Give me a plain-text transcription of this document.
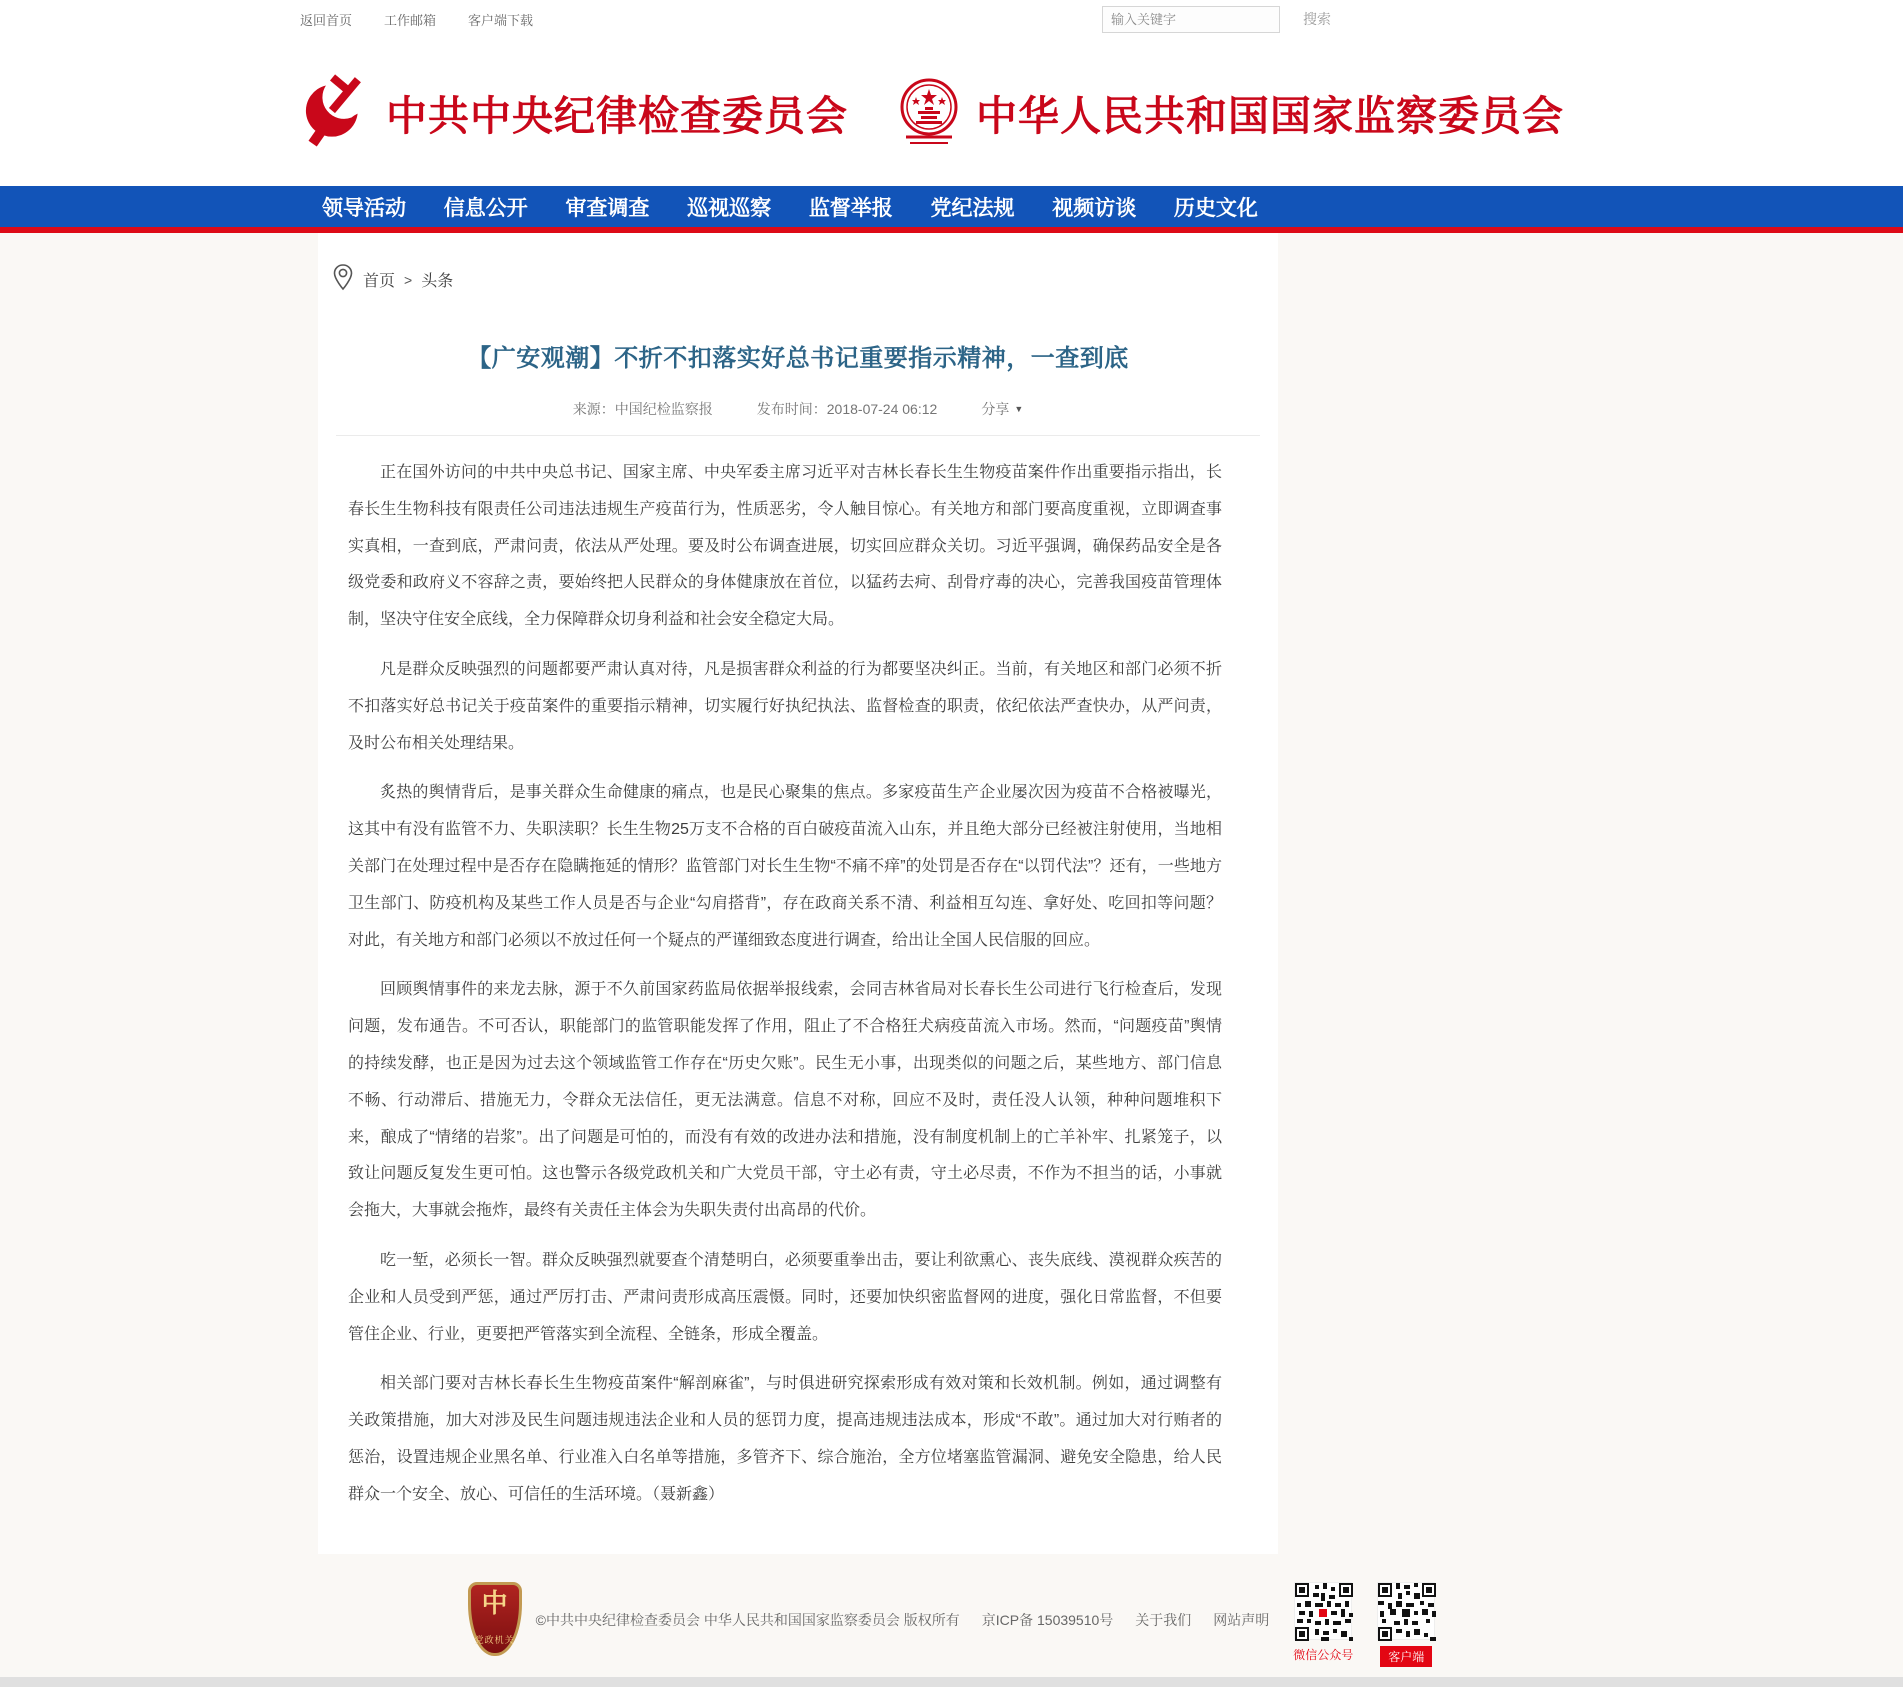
返回首页 工作邮箱 客户端下载
输入关键字	搜索
中共中央纪律检查委员会	中华人民共和国国家监察委员会
领导活动 信息公开 审查调查 巡视巡察 监督举报 党纪法规 视频访谈 历史文化
首页 > 头条
【广安观潮】不折不扣落实好总书记重要指示精神，一查到底
来源：中国纪检监察报	发布时间：2018-07-24 06:12	分享 ▼

正在国外访问的中共中央总书记、国家主席、中央军委主席习近平对吉林长春长生生物疫苗案件作出重要指示指出，长春长生生物科技有限责任公司违法违规生产疫苗行为，性质恶劣，令人触目惊心。有关地方和部门要高度重视，立即调查事实真相，一查到底，严肃问责，依法从严处理。要及时公布调查进展，切实回应群众关切。习近平强调，确保药品安全是各级党委和政府义不容辞之责，要始终把人民群众的身体健康放在首位，以猛药去疴、刮骨疗毒的决心，完善我国疫苗管理体制，坚决守住安全底线，全力保障群众切身利益和社会安全稳定大局。

凡是群众反映强烈的问题都要严肃认真对待，凡是损害群众利益的行为都要坚决纠正。当前，有关地区和部门必须不折不扣落实好总书记关于疫苗案件的重要指示精神，切实履行好执纪执法、监督检查的职责，依纪依法严查快办，从严问责，及时公布相关处理结果。

炙热的舆情背后，是事关群众生命健康的痛点，也是民心聚集的焦点。多家疫苗生产企业屡次因为疫苗不合格被曝光，这其中有没有监管不力、失职渎职？长生生物25万支不合格的百白破疫苗流入山东，并且绝大部分已经被注射使用，当地相关部门在处理过程中是否存在隐瞒拖延的情形？监管部门对长生生物“不痛不痒”的处罚是否存在“以罚代法”？还有，一些地方卫生部门、防疫机构及某些工作人员是否与企业“勾肩搭背”，存在政商关系不清、利益相互勾连、拿好处、吃回扣等问题？对此，有关地方和部门必须以不放过任何一个疑点的严谨细致态度进行调查，给出让全国人民信服的回应。

回顾舆情事件的来龙去脉，源于不久前国家药监局依据举报线索，会同吉林省局对长春长生公司进行飞行检查后，发现问题，发布通告。不可否认，职能部门的监管职能发挥了作用，阻止了不合格狂犬病疫苗流入市场。然而，“问题疫苗”舆情的持续发酵，也正是因为过去这个领域监管工作存在“历史欠账”。民生无小事，出现类似的问题之后，某些地方、部门信息不畅、行动滞后、措施无力，令群众无法信任，更无法满意。信息不对称，回应不及时，责任没人认领，种种问题堆积下来，酿成了“情绪的岩浆”。出了问题是可怕的，而没有有效的改进办法和措施，没有制度机制上的亡羊补牢、扎紧笼子，以致让问题反复发生更可怕。这也警示各级党政机关和广大党员干部，守土必有责，守土必尽责，不作为不担当的话，小事就会拖大，大事就会拖炸，最终有关责任主体会为失职失责付出高昂的代价。

吃一堑，必须长一智。群众反映强烈就要查个清楚明白，必须要重拳出击，要让利欲熏心、丧失底线、漠视群众疾苦的企业和人员受到严惩，通过严厉打击、严肃问责形成高压震慑。同时，还要加快织密监督网的进度，强化日常监督，不但要管住企业、行业，更要把严管落实到全流程、全链条，形成全覆盖。

相关部门要对吉林长春长生生物疫苗案件“解剖麻雀”，与时俱进研究探索形成有效对策和长效机制。例如，通过调整有关政策措施，加大对涉及民生问题违规违法企业和人员的惩罚力度，提高违规违法成本，形成“不敢”。通过加大对行贿者的惩治，设置违规企业黑名单、行业准入白名单等措施，多管齐下、综合施治，全方位堵塞监管漏洞、避免安全隐患，给人民群众一个安全、放心、可信任的生活环境。（聂新鑫）

中
党政机关
©中共中央纪律检查委员会 中华人民共和国国家监察委员会 版权所有 京ICP备 15039510号 关于我们 网站声明
微信公众号	客户端
